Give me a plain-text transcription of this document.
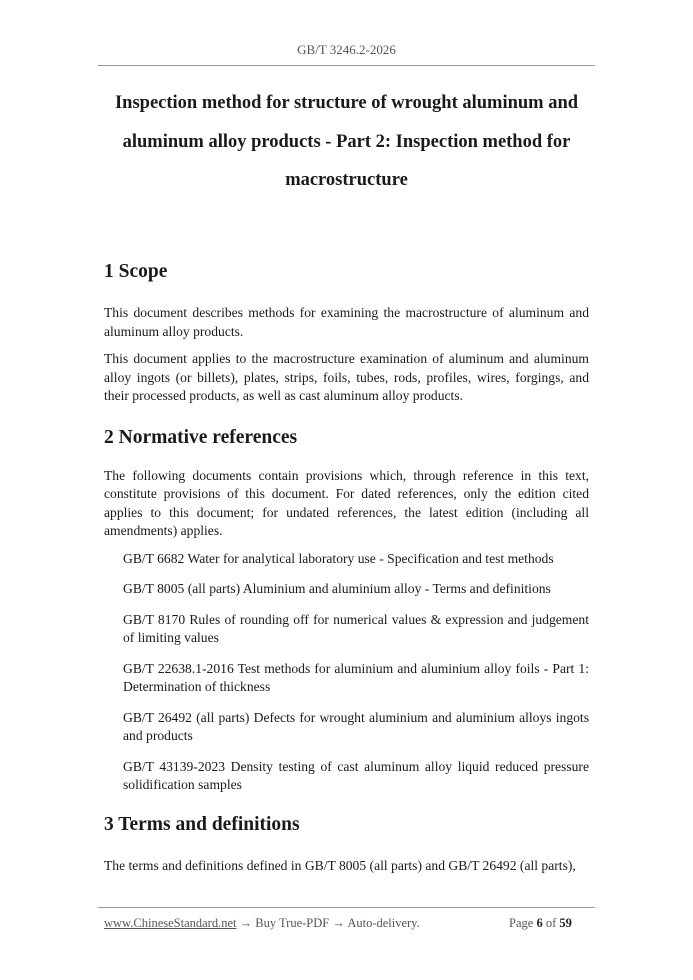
GB/T 3246.2-2026
Inspection method for structure of wrought aluminum and
aluminum alloy products - Part 2: Inspection method for
macrostructure
1 Scope

This document describes methods for examining the macrostructure of aluminum and aluminum alloy products.

This document applies to the macrostructure examination of aluminum and aluminum alloy ingots (or billets), plates, strips, foils, tubes, rods, profiles, wires, forgings, and their processed products, as well as cast aluminum alloy products.

2 Normative references

The following documents contain provisions which, through reference in this text, constitute provisions of this document. For dated references, only the edition cited applies to this document; for undated references, the latest edition (including all amendments) applies.

GB/T 6682 Water for analytical laboratory use - Specification and test methods

GB/T 8005 (all parts) Aluminium and aluminium alloy - Terms and definitions

GB/T 8170 Rules of rounding off for numerical values & expression and judgement of limiting values

GB/T 22638.1-2016 Test methods for aluminium and aluminium alloy foils - Part 1: Determination of thickness

GB/T 26492 (all parts) Defects for wrought aluminium and aluminium alloys ingots and products

GB/T 43139-2023 Density testing of cast aluminum alloy liquid reduced pressure solidification samples

3 Terms and definitions

The terms and definitions defined in GB/T 8005 (all parts) and GB/T 26492 (all parts),

www.ChineseStandard.net → Buy True-PDF → Auto-delivery.	Page 6 of 59
